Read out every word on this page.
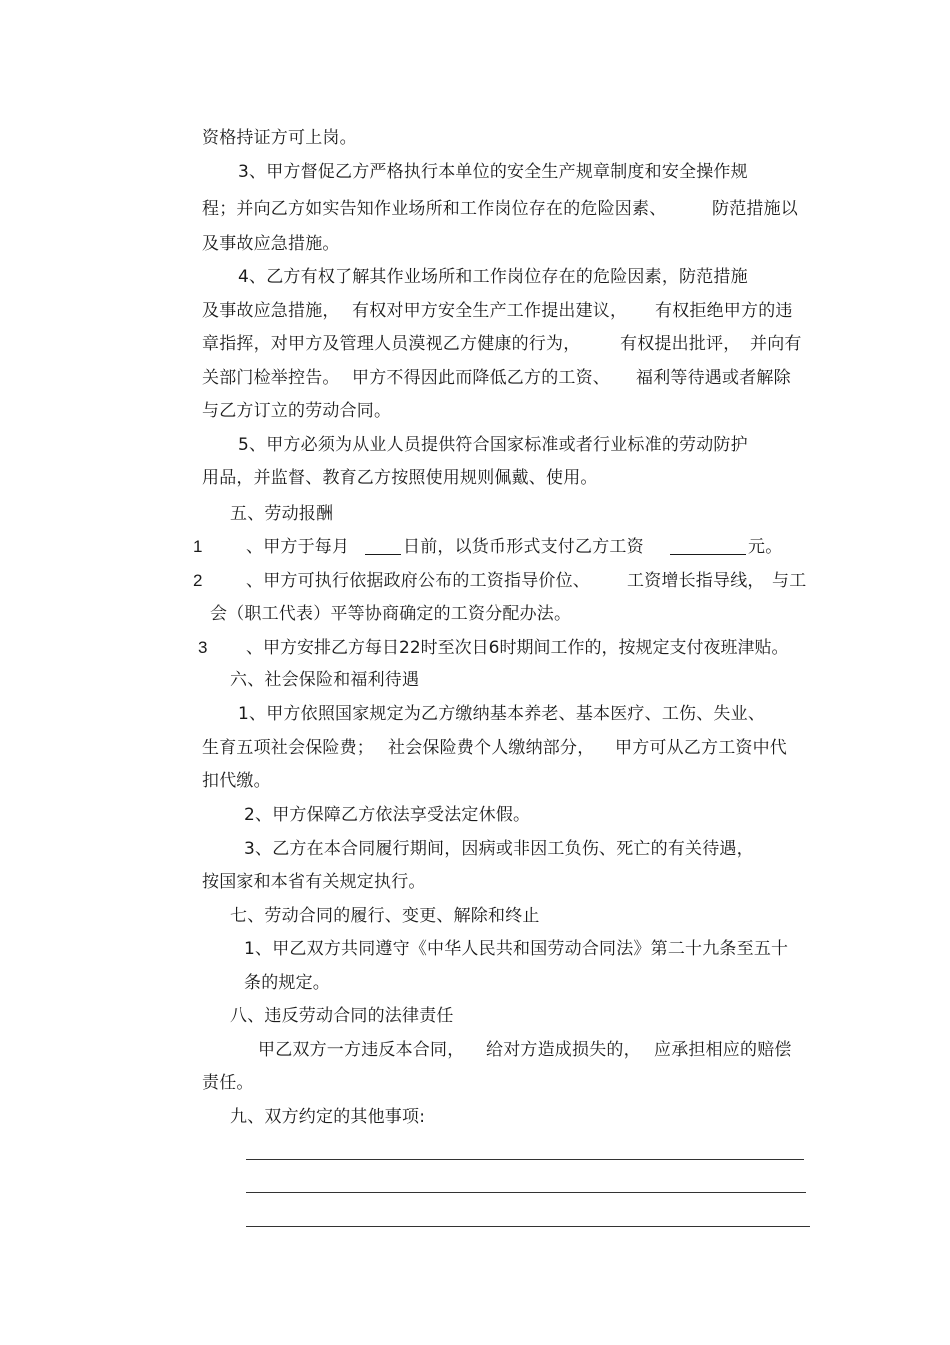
资格持证方可上岗。
3、甲方督促乙方严格执行本单位的安全生产规章制度和安全操作规
程；并向乙方如实告知作业场所和工作岗位存在的危险因素、	防范措施以
及事故应急措施。
4、乙方有权了解其作业场所和工作岗位存在的危险因素，防范措施
及事故应急措施， 有权对甲方安全生产工作提出建议， 有权拒绝甲方的违
章指挥，对甲方及管理人员漠视乙方健康的行为， 有权提出批评， 并向有
关部门检举控告。 甲方不得因此而降低乙方的工资、 福利等待遇或者解除
与乙方订立的劳动合同。
5、甲方必须为从业人员提供符合国家标准或者行业标准的劳动防护
用品，并监督、教育乙方按照使用规则佩戴、使用。
五、劳动报酬
1	、甲方于每月	日前，以货币形式支付乙方工资	元。
2	、甲方可执行依据政府公布的工资指导价位、 工资增长指导线， 与工
会（职工代表）平等协商确定的工资分配办法。
3 、甲方安排乙方每日22时至次日6时期间工作的，按规定支付夜班津贴。
六、社会保险和福利待遇
1、甲方依照国家规定为乙方缴纳基本养老、基本医疗、工伤、失业、
生育五项社会保险费； 社会保险费个人缴纳部分， 甲方可从乙方工资中代
扣代缴。
2、甲方保障乙方依法享受法定休假。
3、乙方在本合同履行期间，因病或非因工负伤、死亡的有关待遇，
按国家和本省有关规定执行。
七、劳动合同的履行、变更、解除和终止
1、甲乙双方共同遵守《中华人民共和国劳动合同法》第二十九条至五十
条的规定。
八、违反劳动合同的法律责任
甲乙双方一方违反本合同， 给对方造成损失的， 应承担相应的赔偿
责任。
九、双方约定的其他事项:
